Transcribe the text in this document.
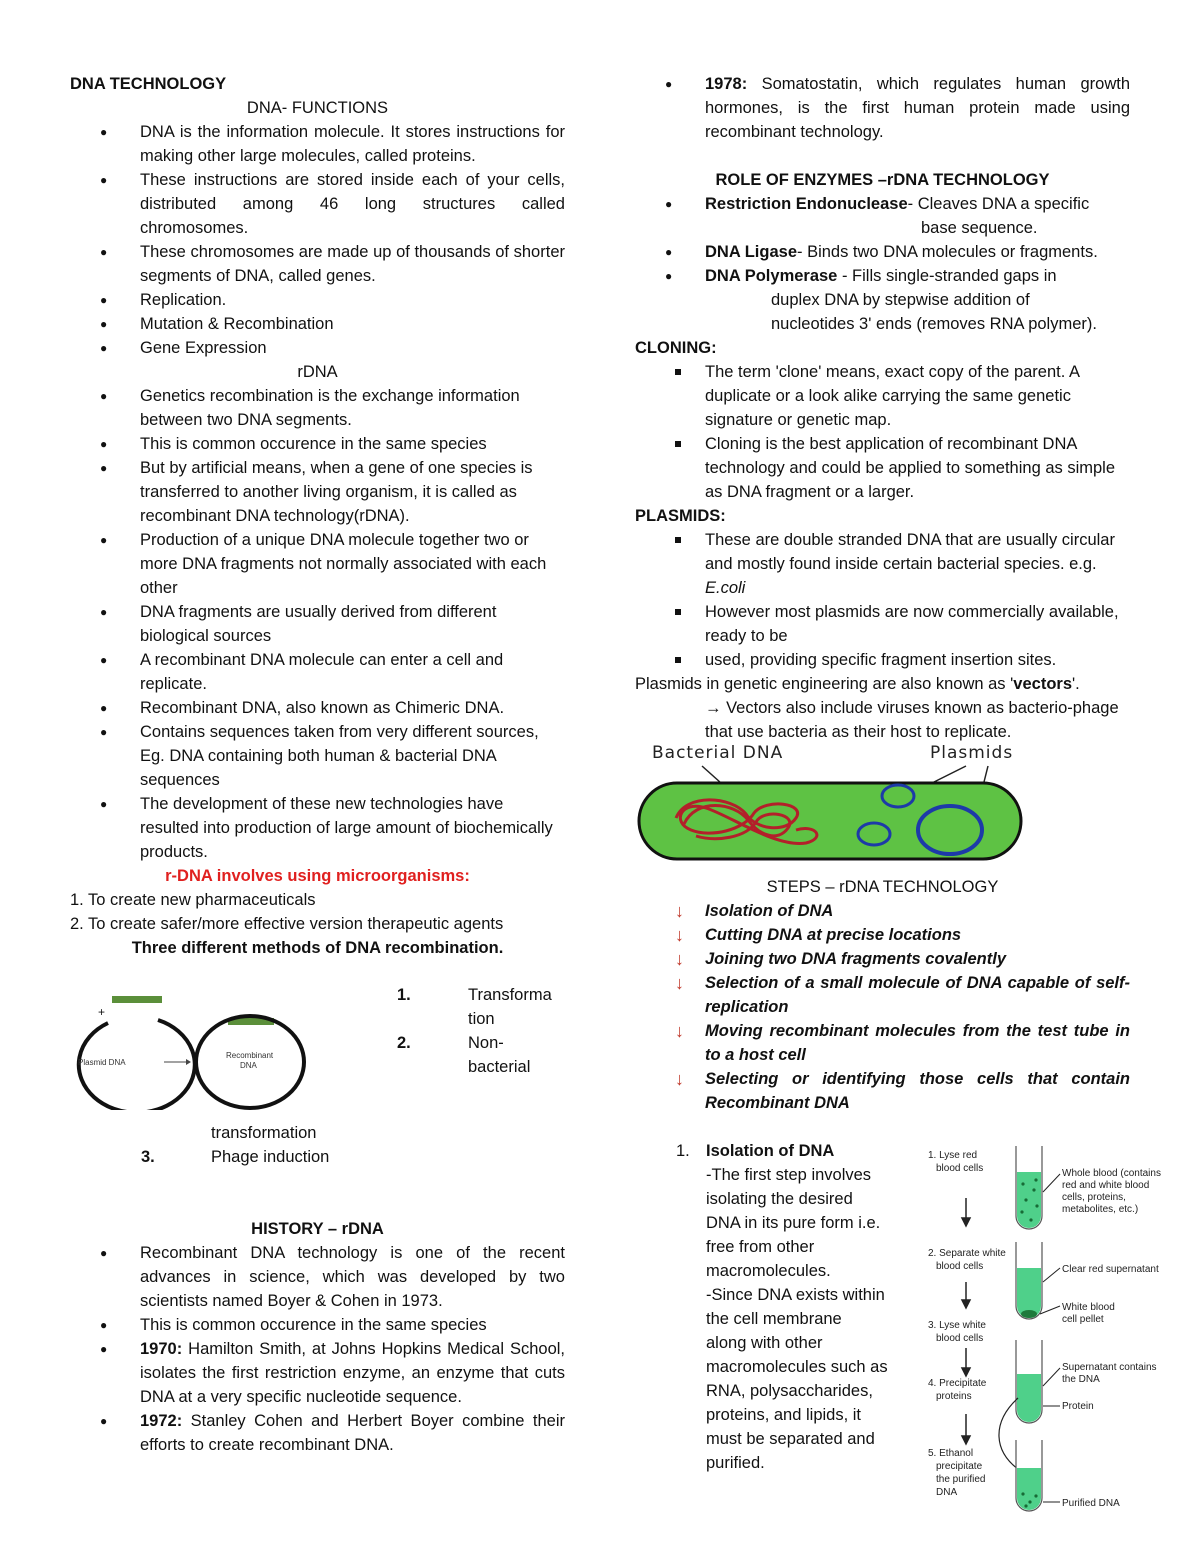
DNA TECHNOLOGY
DNA- FUNCTIONS
● DNA is the information molecule. It stores instructions for making other large molecules, called proteins.
● These instructions are stored inside each of your cells, distributed among 46 long structures called chromosomes.
● These chromosomes are made up of thousands of shorter segments of DNA, called genes.
● Replication.
● Mutation & Recombination
● Gene Expression
rDNA
● Genetics recombination is the exchange information between two DNA segments.
● This is common occurence in the same species
● But by artificial means, when a gene of one species is transferred to another living organism, it is called as recombinant DNA technology(rDNA).
● Production of a unique DNA molecule together two or more DNA fragments not normally associated with each other
● DNA fragments are usually derived from different biological sources
● A recombinant DNA molecule can enter a cell and replicate.
● Recombinant DNA, also known as Chimeric DNA.
● Contains sequences taken from very different sources, Eg. DNA containing both human & bacterial DNA sequences
● The development of these new technologies have resulted into production of large amount of biochemically products.
r-DNA involves using microorganisms:
1. To create new pharmaceuticals
2. To create safer/more effective version therapeutic agents
Three different methods of DNA recombination.
+
Plasmid DNA
Recombinant
DNA
1.	Transforma tion
2.	Non- bacterial
transformation
3.	Phage induction
HISTORY – rDNA
● Recombinant DNA technology is one of the recent advances in science, which was developed by two scientists named Boyer & Cohen in 1973.
● This is common occurence in the same species
● 1970: Hamilton Smith, at Johns Hopkins Medical School, isolates the first restriction enzyme, an enzyme that cuts DNA at a very specific nucleotide sequence.
● 1972: Stanley Cohen and Herbert Boyer combine their efforts to create recombinant DNA.
● 1978: Somatostatin, which regulates human growth hormones, is the first human protein made using recombinant technology.
ROLE OF ENZYMES –rDNA TECHNOLOGY
● Restriction Endonuclease- Cleaves DNA a specific
base sequence.
● DNA Ligase- Binds two DNA molecules or fragments.
● DNA Polymerase - Fills single-stranded gaps in
duplex DNA by stepwise addition of
nucleotides 3' ends (removes RNA polymer).
CLONING:
The term 'clone' means, exact copy of the parent. A duplicate or a look alike carrying the same genetic signature or genetic map.
Cloning is the best application of recombinant DNA technology and could be applied to something as simple as DNA fragment or a larger.
PLASMIDS:
These are double stranded DNA that are usually circular and mostly found inside certain bacterial species. e.g. E.coli
However most plasmids are now commercially available, ready to be
used, providing specific fragment insertion sites.
Plasmids in genetic engineering are also known as 'vectors'.
→ Vectors also include viruses known as bacterio-phage that use bacteria as their host to replicate.
Bacterial DNA	Plasmids
STEPS – rDNA TECHNOLOGY
↓ Isolation of DNA
↓ Cutting DNA at precise locations
↓ Joining two DNA fragments covalently
↓ Selection of a small molecule of DNA capable of self-replication
↓ Moving recombinant molecules from the test tube in to a host cell
↓ Selecting or identifying those cells that contain Recombinant DNA
1. Isolation of DNA
-The first step involves
isolating the desired
DNA in its pure form i.e.
free from other
macromolecules.
-Since DNA exists within
the cell membrane
along with other
macromolecules such as
RNA, polysaccharides,
proteins, and lipids, it
must be separated and
purified.
1. Lyse red
blood cells
2. Separate white
blood cells
3. Lyse white
blood cells
4. Precipitate
proteins
5. Ethanol
precipitate
the purified
DNA
Whole blood (contains
red and white blood
cells, proteins,
metabolites, etc.)
Clear red supernatant
White blood
cell pellet
Supernatant contains
the DNA
Protein
Purified DNA
